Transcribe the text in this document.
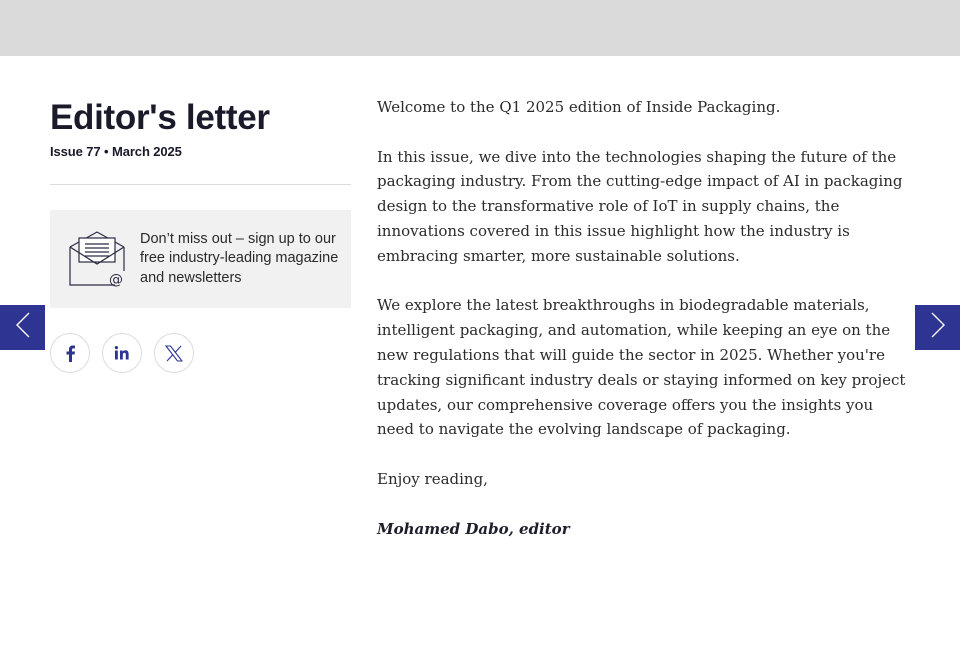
Editor's letter
Issue 77 • March 2025
@
Don’t miss out – sign up to our free industry-leading magazine and newsletters

Welcome to the Q1 2025 edition of Inside Packaging.

In this issue, we dive into the technologies shaping the future of the packaging industry. From the cutting-edge impact of AI in packaging design to the transformative role of IoT in supply chains, the innovations covered in this issue highlight how the industry is embracing smarter, more sustainable solutions.

We explore the latest breakthroughs in biodegradable materials, intelligent packaging, and automation, while keeping an eye on the new regulations that will guide the sector in 2025. Whether you're tracking significant industry deals or staying informed on key project updates, our comprehensive coverage offers you the insights you need to navigate the evolving landscape of packaging.

Enjoy reading,

Mohamed Dabo, editor
